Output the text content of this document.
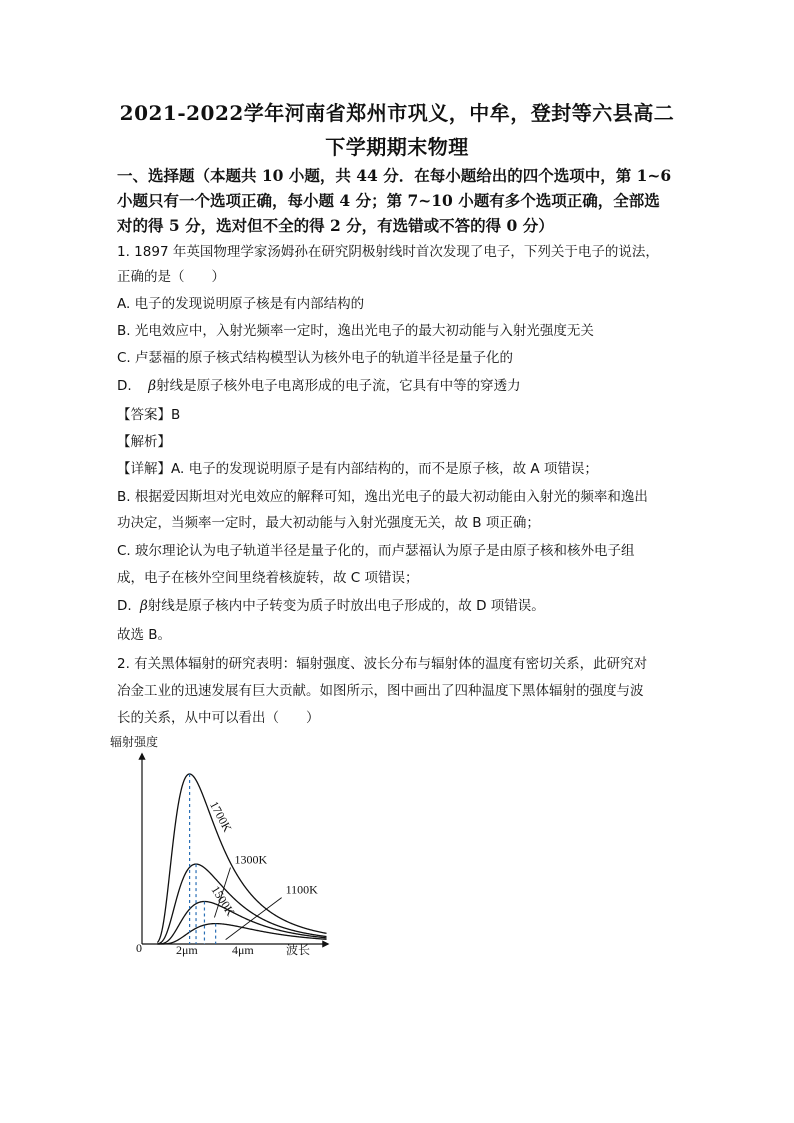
2021-2022学年河南省郑州市巩义，中牟，登封等六县高二
下学期期末物理
一、选择题（本题共 10 小题，共 44 分．在每小题给出的四个选项中，第 1~6
小题只有一个选项正确，每小题 4 分；第 7~10 小题有多个选项正确，全部选
对的得 5 分，选对但不全的得 2 分，有选错或不答的得 0 分）
1. 1897 年英国物理学家汤姆孙在研究阴极射线时首次发现了电子，下列关于电子的说法，
正确的是（　　）
A. 电子的发现说明原子核是有内部结构的
B. 光电效应中，入射光频率一定时，逸出光电子的最大初动能与入射光强度无关
C. 卢瑟福的原子核式结构模型认为核外电子的轨道半径是量子化的
D.  β射线是原子核外电子电离形成的电子流，它具有中等的穿透力
【答案】B
【解析】
【详解】A. 电子的发现说明原子是有内部结构的，而不是原子核，故 A 项错误；
B. 根据爱因斯坦对光电效应的解释可知，逸出光电子的最大初动能由入射光的频率和逸出
功决定，当频率一定时，最大初动能与入射光强度无关，故 B 项正确；
C. 玻尔理论认为电子轨道半径是量子化的，而卢瑟福认为原子是由原子核和核外电子组
成，电子在核外空间里绕着核旋转，故 C 项错误；
D. β射线是原子核内中子转变为质子时放出电子形成的，故 D 项错误。
故选 B。
2. 有关黑体辐射的研究表明：辐射强度、波长分布与辐射体的温度有密切关系，此研究对
冶金工业的迅速发展有巨大贡献。如图所示，图中画出了四种温度下黑体辐射的强度与波
长的关系，从中可以看出（　　）
辐射强度
0	2μm	4μm	波长
1700K
1500K
1300K
1100K
